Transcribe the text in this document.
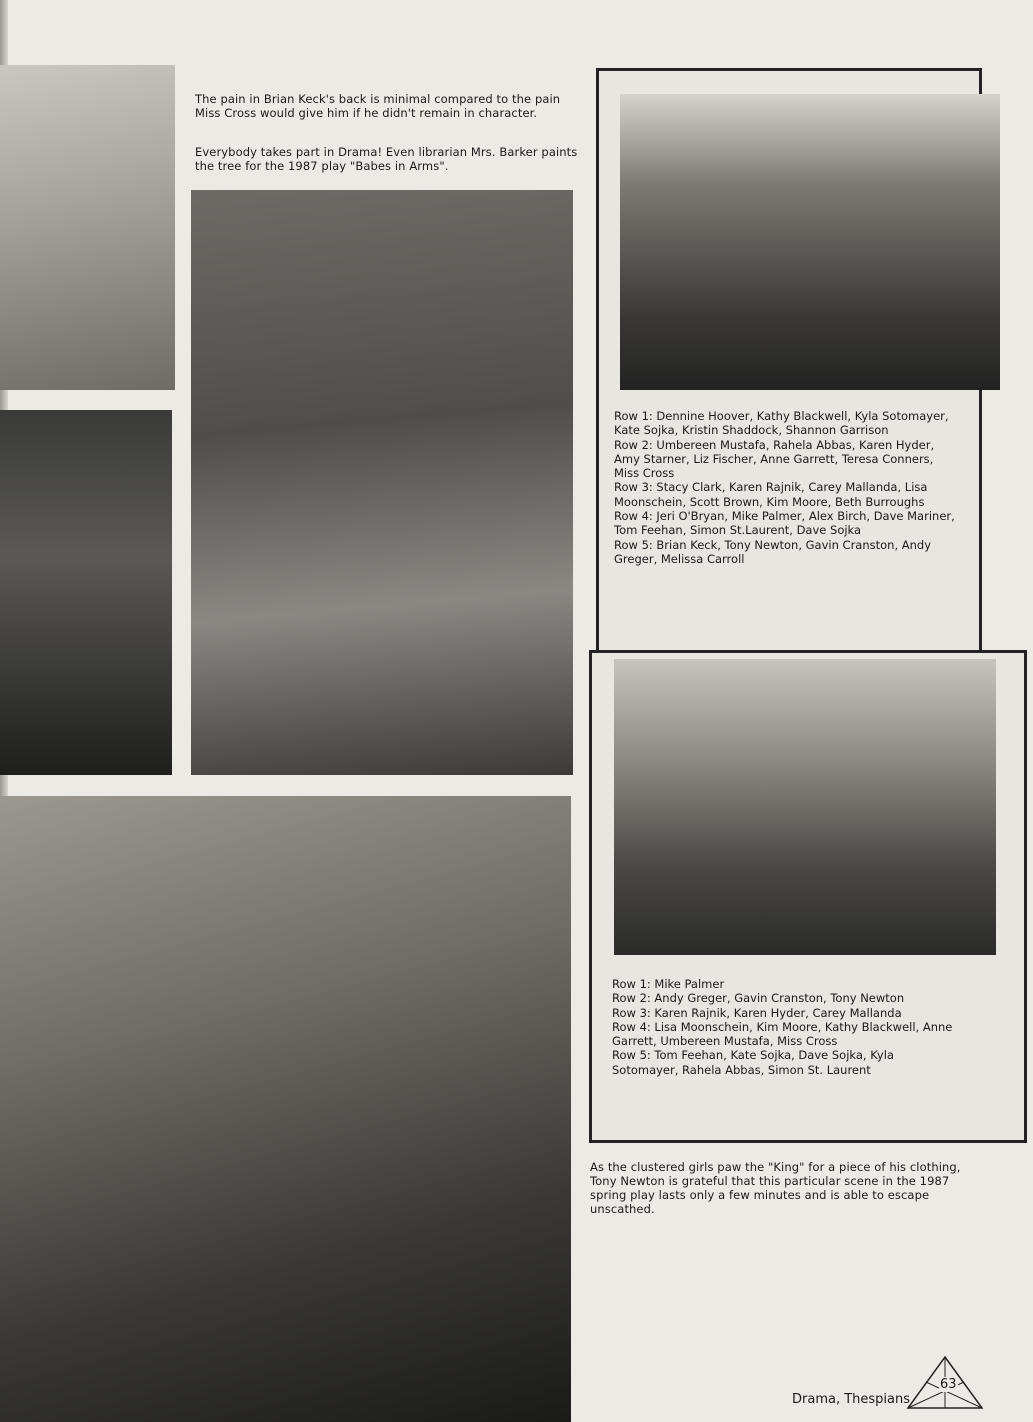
The pain in Brian Keck's back is minimal compared to the pain Miss Cross would give him if he didn't remain in character.

Everybody takes part in Drama! Even librarian Mrs. Barker paints the tree for the 1987 play "Babes in Arms".

Row 1: Dennine Hoover, Kathy Blackwell, Kyla Sotomayer, Kate Sojka, Kristin Shaddock, Shannon Garrison
Row 2: Umbereen Mustafa, Rahela Abbas, Karen Hyder, Amy Starner, Liz Fischer, Anne Garrett, Teresa Conners, Miss Cross
Row 3: Stacy Clark, Karen Rajnik, Carey Mallanda, Lisa Moonschein, Scott Brown, Kim Moore, Beth Burroughs
Row 4: Jeri O'Bryan, Mike Palmer, Alex Birch, Dave Mariner, Tom Feehan, Simon St.Laurent, Dave Sojka
Row 5: Brian Keck, Tony Newton, Gavin Cranston, Andy Greger, Melissa Carroll
Row 1: Mike Palmer
Row 2: Andy Greger, Gavin Cranston, Tony Newton
Row 3: Karen Rajnik, Karen Hyder, Carey Mallanda
Row 4: Lisa Moonschein, Kim Moore, Kathy Blackwell, Anne Garrett, Umbereen Mustafa, Miss Cross
Row 5: Tom Feehan, Kate Sojka, Dave Sojka, Kyla Sotomayer, Rahela Abbas, Simon St. Laurent

As the clustered girls paw the "King" for a piece of his clothing, Tony Newton is grateful that this particular scene in the 1987 spring play lasts only a few minutes and is able to escape unscathed.

Drama, Thespians
63
